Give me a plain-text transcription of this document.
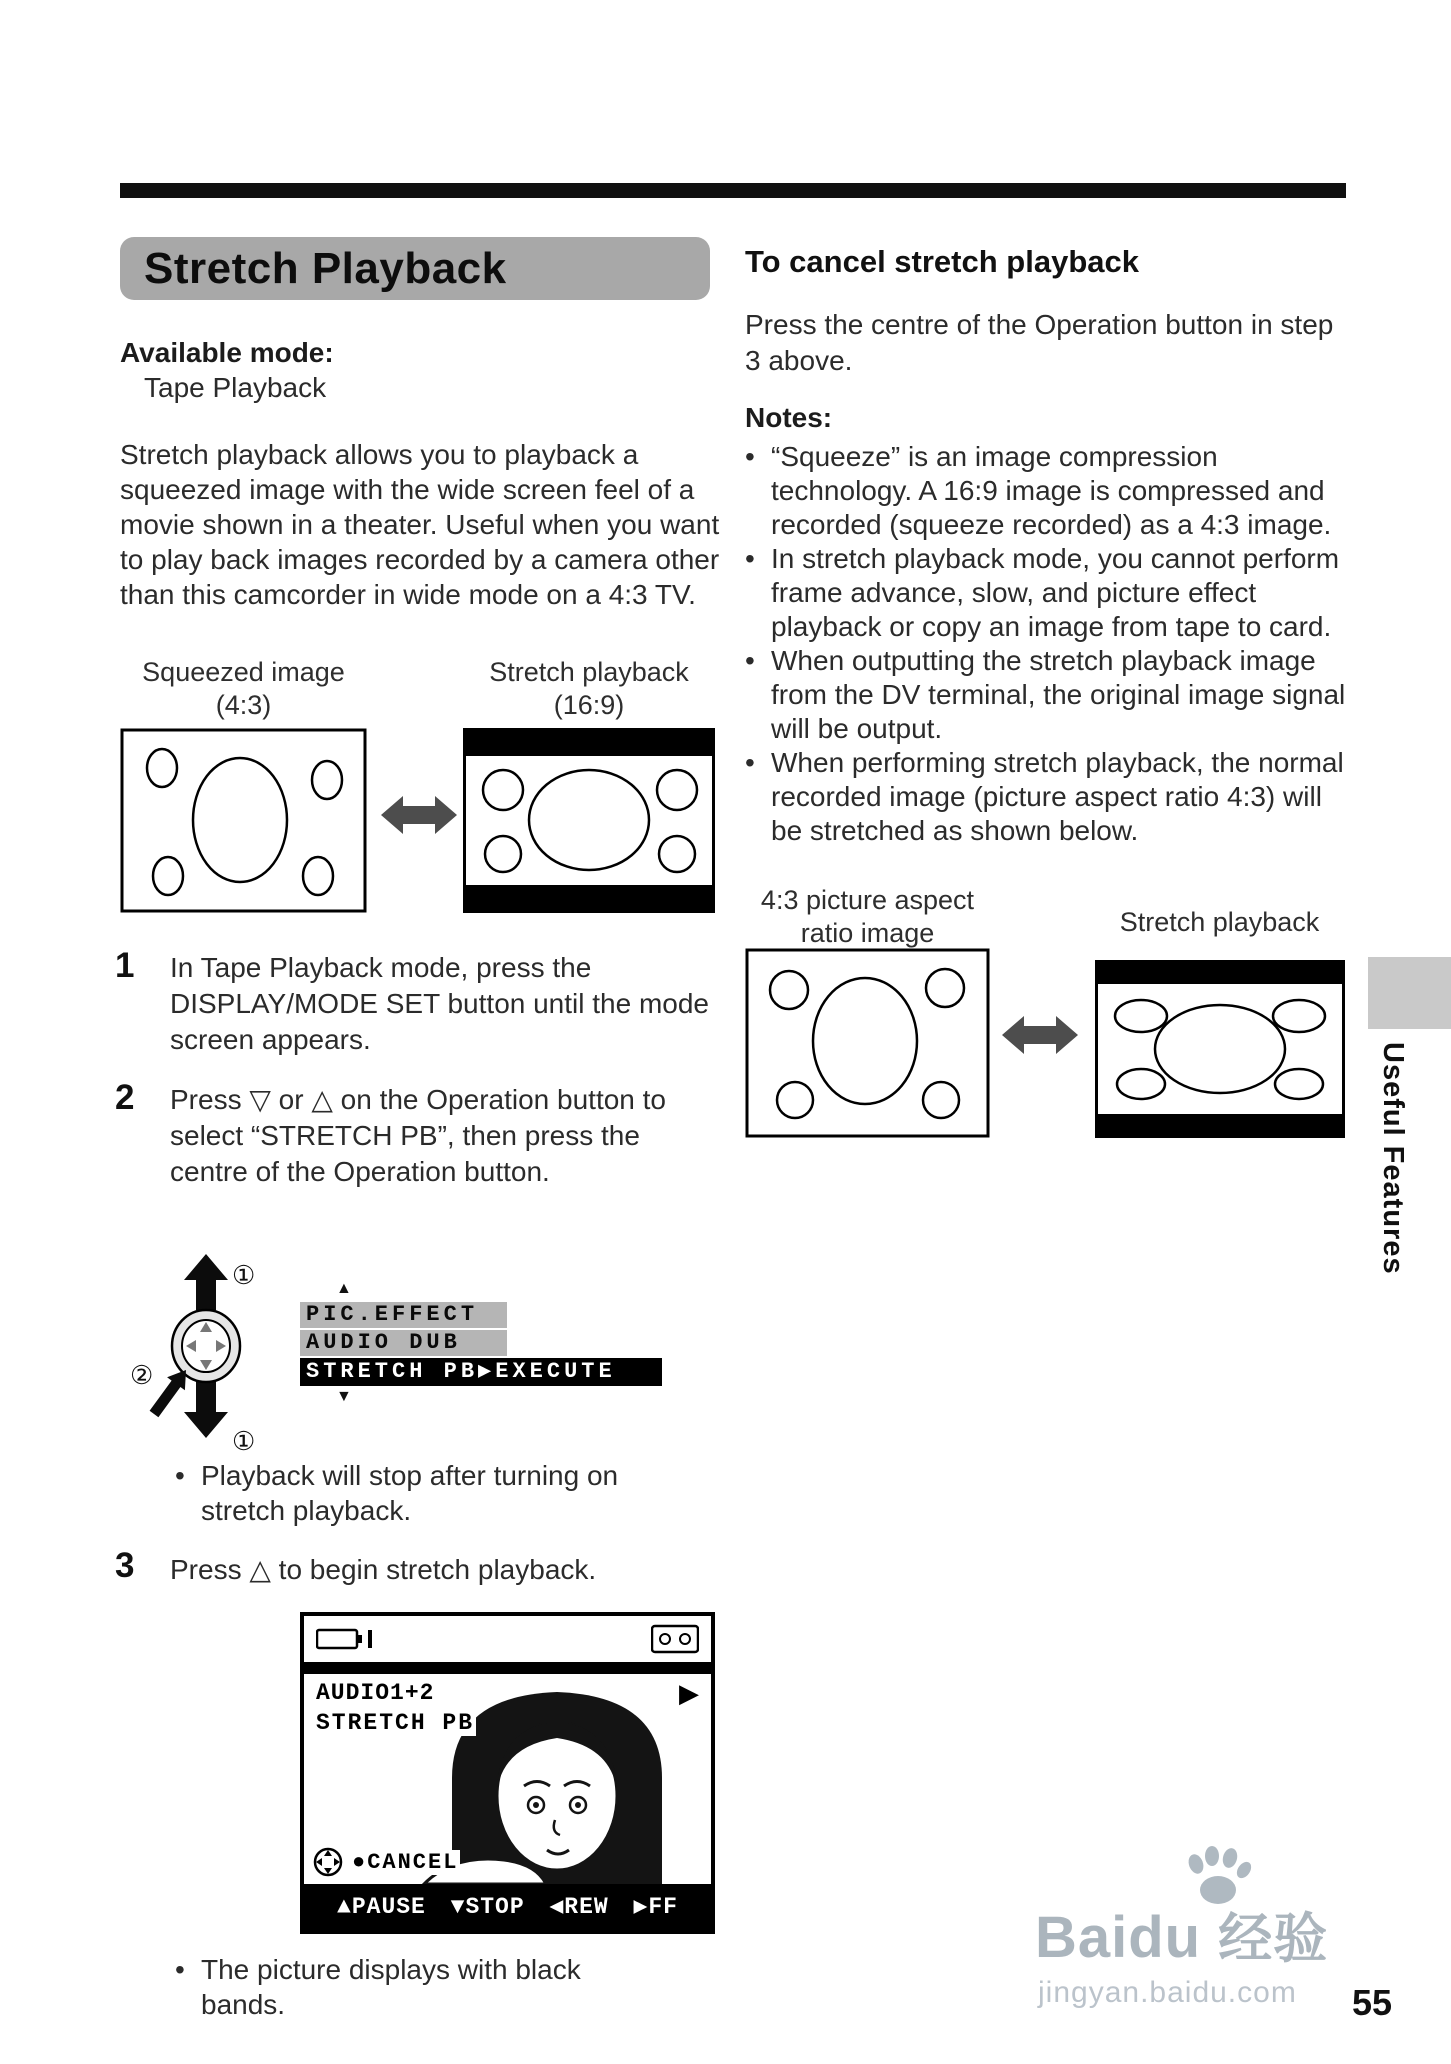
Stretch Playback
Available mode:
Tape Playback
Stretch playback allows you to playback a squeezed image with the wide screen feel of a movie shown in a theater. Useful when you want to play back images recorded by a camera other than this camcorder in wide mode on a 4:3 TV.
Squeezed image
(4:3)
Stretch playback
(16:9)
1 In Tape Playback mode, press the DISPLAY/MODE SET button until the mode screen appears.
2 Press ▽ or △ on the Operation button to select “STRETCH PB”, then press the centre of the Operation button.
①
①
②
▲
PIC.EFFECT
AUDIO DUB
STRETCH PB▶EXECUTE
▼
• Playback will stop after turning on stretch playback.
3 Press △ to begin stretch playback.
AUDIO1+2
STRETCH PB
▶
●CANCEL
▲PAUSE ▼STOP ◀REW ▶FF
• The picture displays with black bands.
To cancel stretch playback
Press the centre of the Operation button in step 3 above.
Notes:
• “Squeeze” is an image compression technology. A 16:9 image is compressed and recorded (squeeze recorded) as a 4:3 image.
• In stretch playback mode, you cannot perform frame advance, slow, and picture effect playback or copy an image from tape to card.
• When outputting the stretch playback image from the DV terminal, the original image signal will be output.
• When performing stretch playback, the normal recorded image (picture aspect ratio 4:3) will be stretched as shown below.
4:3 picture aspect
ratio image	Stretch playback
Useful Features
Baidu 经验
jingyan.baidu.com 55
